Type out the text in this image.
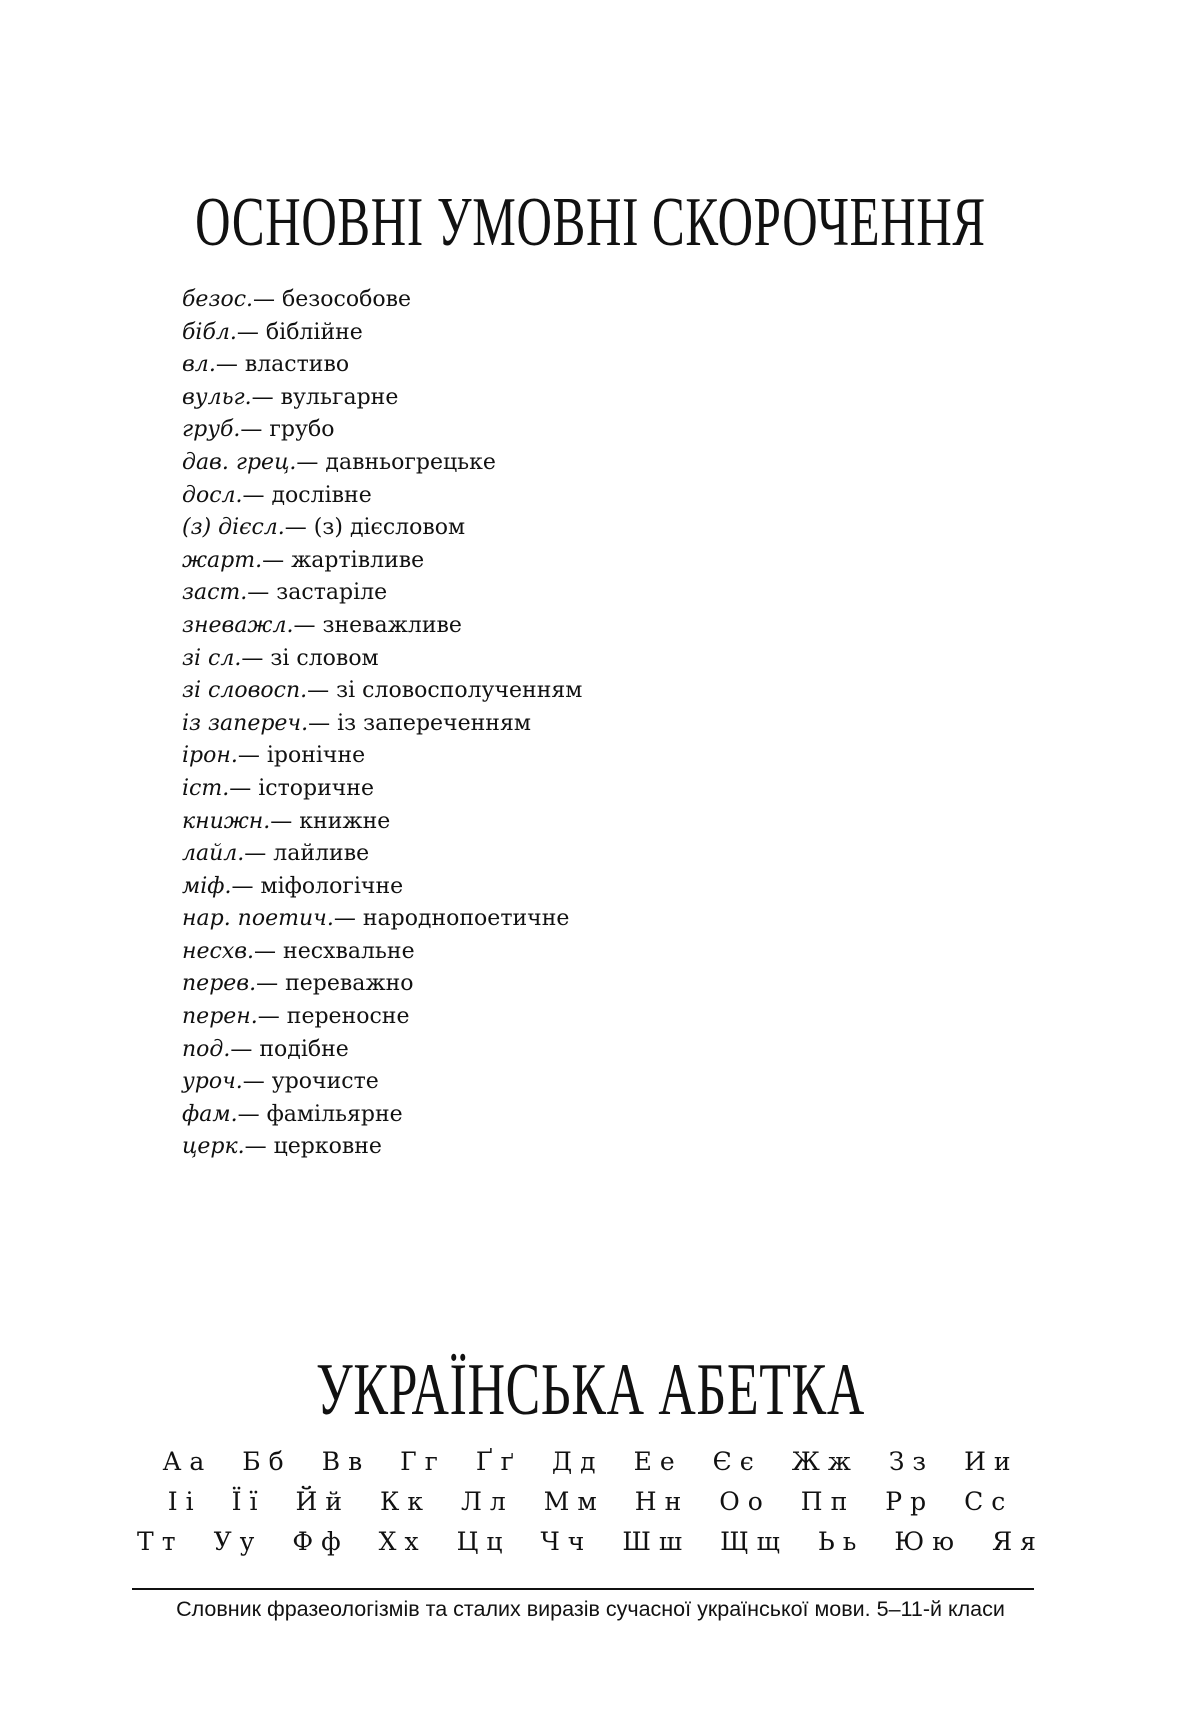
ОСНОВНІ УМОВНІ СКОРОЧЕННЯ
безос.— безособове
бібл.— біблійне
вл.— властиво
вульг.— вульгарне
груб.— грубо
дав. грец.— давньогрецьке
досл.— дослівне
(з) дієсл.— (з) дієсловом
жарт.— жартівливе
заст.— застаріле
зневажл.— зневажливе
зі сл.— зі словом
зі словосп.— зі словосполученням
із запереч.— із запереченням
ірон.— іронічне
іст.— історичне
книжн.— книжне
лайл.— лайливе
міф.— міфологічне
нар. поетич.— народнопоетичне
несхв.— несхвальне
перев.— переважно
перен.— переносне
под.— подібне
уроч.— урочисте
фам.— фамільярне
церк.— церковне
УКРАЇНСЬКА АБЕТКА
Аа Бб Вв Гг Ґґ Дд Ее Єє Жж Зз Ии
Іі Її Йй Кк Лл Мм Нн Оо Пп Рр Сс
Тт Уу Фф Хх Цц Чч Шш Щщ Ьь Юю Яя
Словник фразеологізмів та сталих виразів сучасної української мови. 5–11-й класи
